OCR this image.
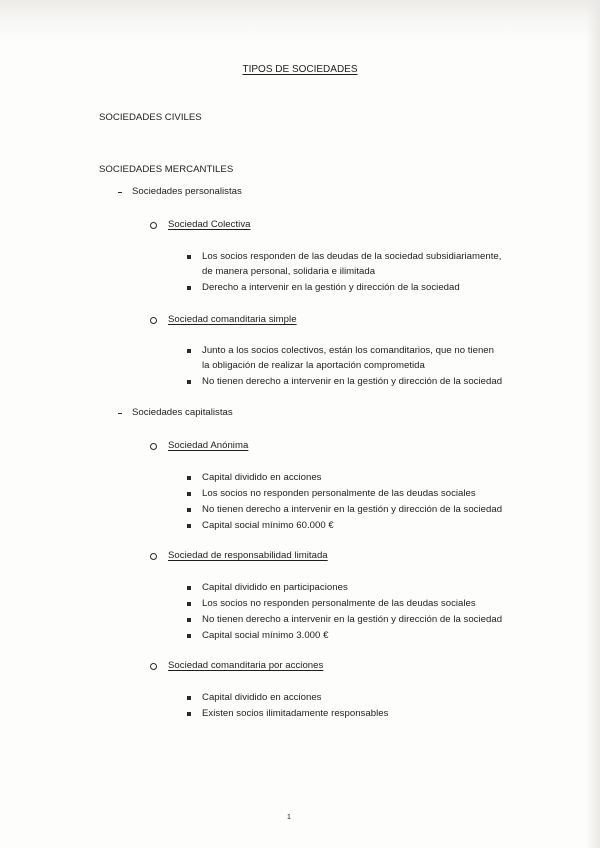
TIPOS DE SOCIEDADES
SOCIEDADES CIVILES
SOCIEDADES MERCANTILES
Sociedades personalistas
Sociedad Colectiva
Los socios responden de las deudas de la sociedad subsidiariamente,
de manera personal, solidaria e ilimitada
Derecho a intervenir en la gestión y dirección de la sociedad
Sociedad comanditaria simple
Junto a los socios colectivos, están los comanditarios, que no tienen
la obligación de realizar la aportación comprometida
No tienen derecho a intervenir en la gestión y dirección de la sociedad
Sociedades capitalistas
Sociedad Anónima
Capital dividido en acciones
Los socios no responden personalmente de las deudas sociales
No tienen derecho a intervenir en la gestión y dirección de la sociedad
Capital social mínimo 60.000 €
Sociedad de responsabilidad limitada
Capital dividido en participaciones
Los socios no responden personalmente de las deudas sociales
No tienen derecho a intervenir en la gestión y dirección de la sociedad
Capital social mínimo 3.000 €
Sociedad comanditaria por acciones
Capital dividido en acciones
Existen socios ilimitadamente responsables
1
